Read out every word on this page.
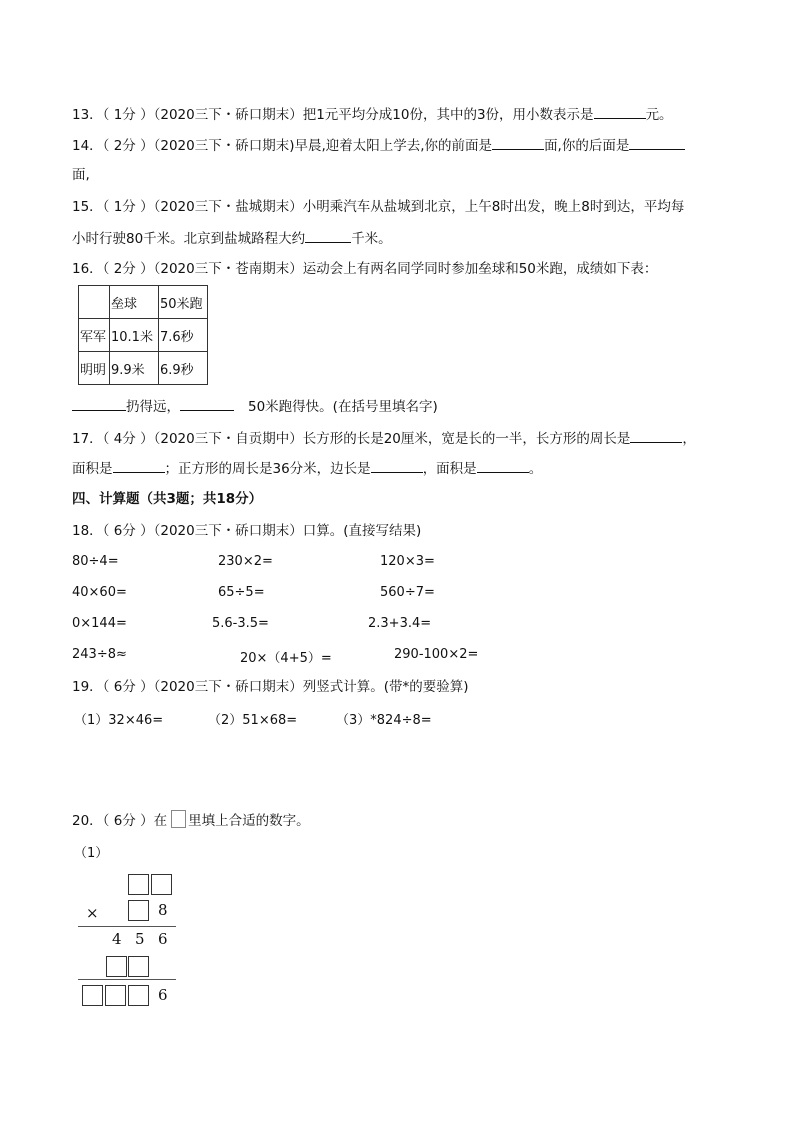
13．（ 1分 ）（2020三下・硚口期末）把1元平均分成10份，其中的3份，用小数表示是	元。
14．（ 2分 ）（2020三下・硚口期末)早晨,迎着太阳上学去,你的前面是	面,你的后面是
面,
15．（ 1分 ）（2020三下・盐城期末）小明乘汽车从盐城到北京，上午8时出发，晚上8时到达，平均每
小时行驶80千米。北京到盐城路程大约	千米。
16．（ 2分 ）（2020三下・苍南期末）运动会上有两名同学同时参加垒球和50米跑，成绩如下表：
	垒球	50米跑
军军	10.1米	7.6秒
明明	9.9米	6.9秒
扔得远，	50米跑得快。(在括号里填名字)
17．（ 4分 ）（2020三下・自贡期中）长方形的长是20厘米，宽是长的一半，长方形的周长是	，
面积是	；正方形的周长是36分米，边长是	，面积是	。
四、计算题（共3题；共18分）
18．（ 6分 ）（2020三下・硚口期末）口算。(直接写结果)
80÷4=	230×2=	120×3=
40×60=	65÷5=	560÷7=
0×144=	5.6-3.5=	2.3+3.4=
243÷8≈	20×（4+5）=	290-100×2=
19．（ 6分 ）（2020三下・硚口期末）列竖式计算。(带*的要验算)
（1）32×46=	（2）51×68=	（3）*824÷8=
20．（ 6分 ）在 里填上合适的数字。
（1）
×	8
4 5 6
6
